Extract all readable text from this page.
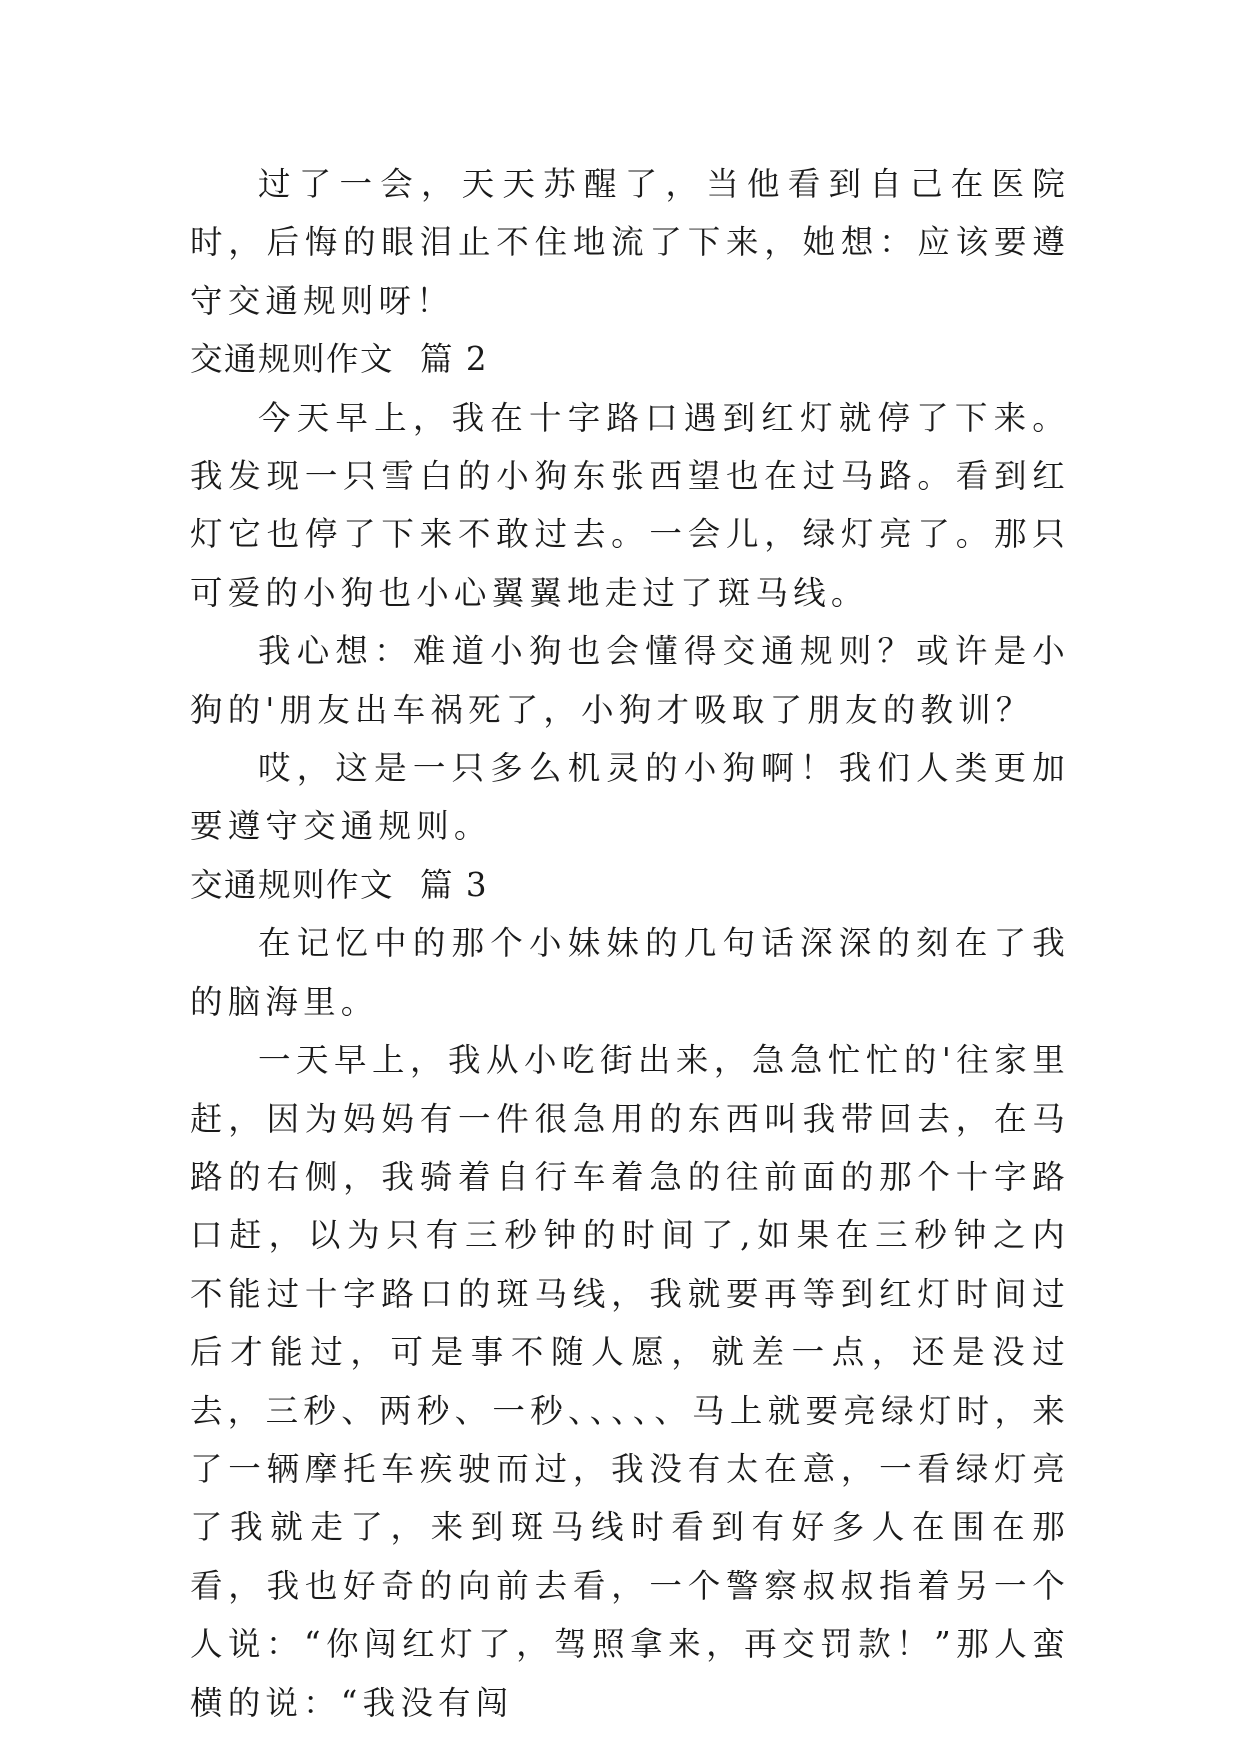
过了一会，天天苏醒了，当他看到自己在医院时，后悔的眼泪止不住地流了下来，她想：应该要遵守交通规则呀！

交通规则作文 篇 2

今天早上，我在十字路口遇到红灯就停了下来。我发现一只雪白的小狗东张西望也在过马路。看到红灯它也停了下来不敢过去。一会儿，绿灯亮了。那只可爱的小狗也小心翼翼地走过了斑马线。

我心想：难道小狗也会懂得交通规则？或许是小狗的'朋友出车祸死了，小狗才吸取了朋友的教训？

哎，这是一只多么机灵的小狗啊！我们人类更加要遵守交通规则。

交通规则作文 篇 3

在记忆中的那个小妹妹的几句话深深的刻在了我的脑海里。

一天早上，我从小吃街出来，急急忙忙的'往家里赶，因为妈妈有一件很急用的东西叫我带回去，在马路的右侧，我骑着自行车着急的往前面的那个十字路口赶，以为只有三秒钟的时间了,如果在三秒钟之内不能过十字路口的斑马线，我就要再等到红灯时间过后才能过，可是事不随人愿，就差一点，还是没过去，三秒、两秒、一秒、、、、、马上就要亮绿灯时，来了一辆摩托车疾驶而过，我没有太在意，一看绿灯亮了我就走了，来到斑马线时看到有好多人在围在那看，我也好奇的向前去看，一个警察叔叔指着另一个人说：“你闯红灯了，驾照拿来，再交罚款！”那人蛮横的说：“我没有闯
